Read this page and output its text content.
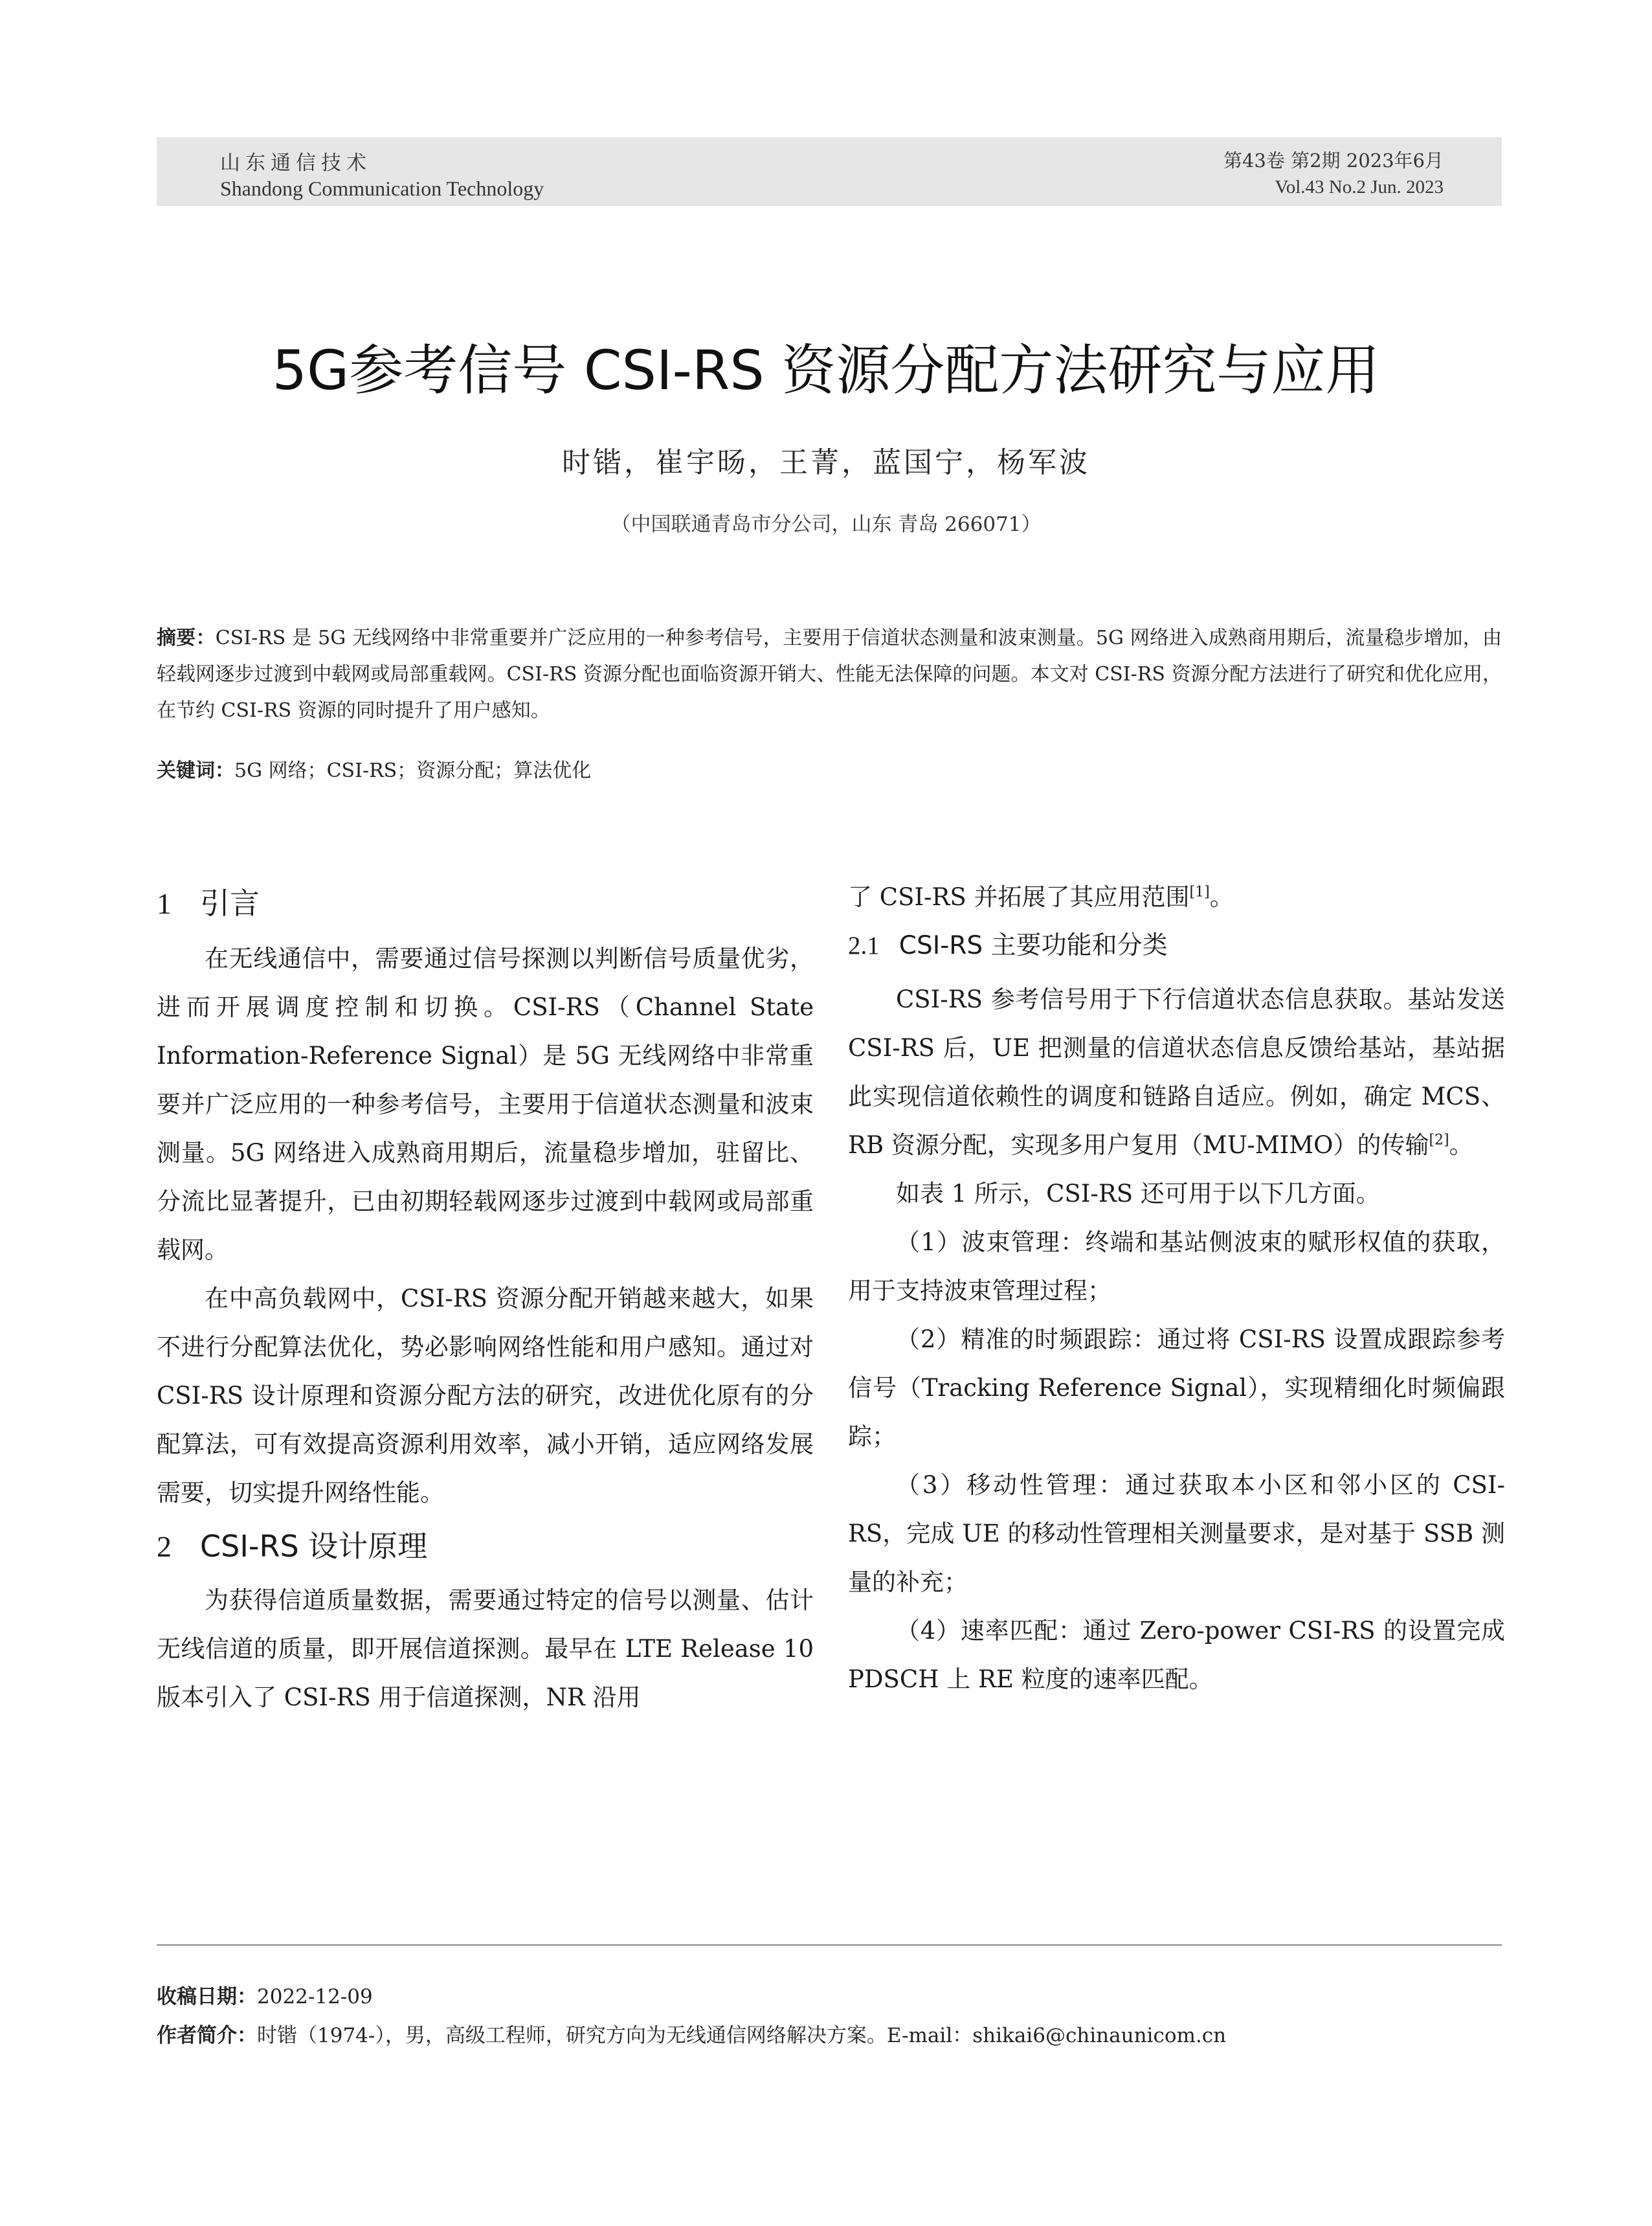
山东通信技术
Shandong Communication Technology
第43卷 第2期 2023年6月
Vol.43 No.2 Jun. 2023
5G参考信号 CSI-RS 资源分配方法研究与应用
时锴，崔宇旸，王菁，蓝国宁，杨军波
（中国联通青岛市分公司，山东 青岛 266071）
摘要：CSI-RS 是 5G 无线网络中非常重要并广泛应用的一种参考信号，主要用于信道状态测量和波束测量。5G 网络进入成熟商用期后，流量稳步增加，由轻载网逐步过渡到中载网或局部重载网。CSI-RS 资源分配也面临资源开销大、性能无法保障的问题。本文对 CSI-RS 资源分配方法进行了研究和优化应用，在节约 CSI-RS 资源的同时提升了用户感知。
关键词：5G 网络；CSI-RS；资源分配；算法优化
1 引言

在无线通信中，需要通过信号探测以判断信号质量优劣，进而开展调度控制和切换。CSI-RS（Channel State Information-Reference Signal）是 5G 无线网络中非常重要并广泛应用的一种参考信号，主要用于信道状态测量和波束测量。5G 网络进入成熟商用期后，流量稳步增加，驻留比、分流比显著提升，已由初期轻载网逐步过渡到中载网或局部重载网。

在中高负载网中，CSI-RS 资源分配开销越来越大，如果不进行分配算法优化，势必影响网络性能和用户感知。通过对 CSI-RS 设计原理和资源分配方法的研究，改进优化原有的分配算法，可有效提高资源利用效率，减小开销，适应网络发展需要，切实提升网络性能。

2 CSI-RS 设计原理

为获得信道质量数据，需要通过特定的信号以测量、估计无线信道的质量，即开展信道探测。最早在 LTE Release 10 版本引入了 CSI-RS 用于信道探测，NR 沿用

了 CSI-RS 并拓展了其应用范围[1]。

2.1 CSI-RS 主要功能和分类

CSI-RS 参考信号用于下行信道状态信息获取。基站发送 CSI-RS 后，UE 把测量的信道状态信息反馈给基站，基站据此实现信道依赖性的调度和链路自适应。例如，确定 MCS、RB 资源分配，实现多用户复用（MU-MIMO）的传输[2]。

如表 1 所示，CSI-RS 还可用于以下几方面。

（1）波束管理：终端和基站侧波束的赋形权值的获取，用于支持波束管理过程；

（2）精准的时频跟踪：通过将 CSI-RS 设置成跟踪参考信号（Tracking Reference Signal），实现精细化时频偏跟踪；

（3）移动性管理：通过获取本小区和邻小区的 CSI-RS，完成 UE 的移动性管理相关测量要求，是对基于 SSB 测量的补充；

（4）速率匹配：通过 Zero-power CSI-RS 的设置完成 PDSCH 上 RE 粒度的速率匹配。

收稿日期：2022-12-09
作者简介：时锴（1974-），男，高级工程师，研究方向为无线通信网络解决方案。E-mail：shikai6@chinaunicom.cn
